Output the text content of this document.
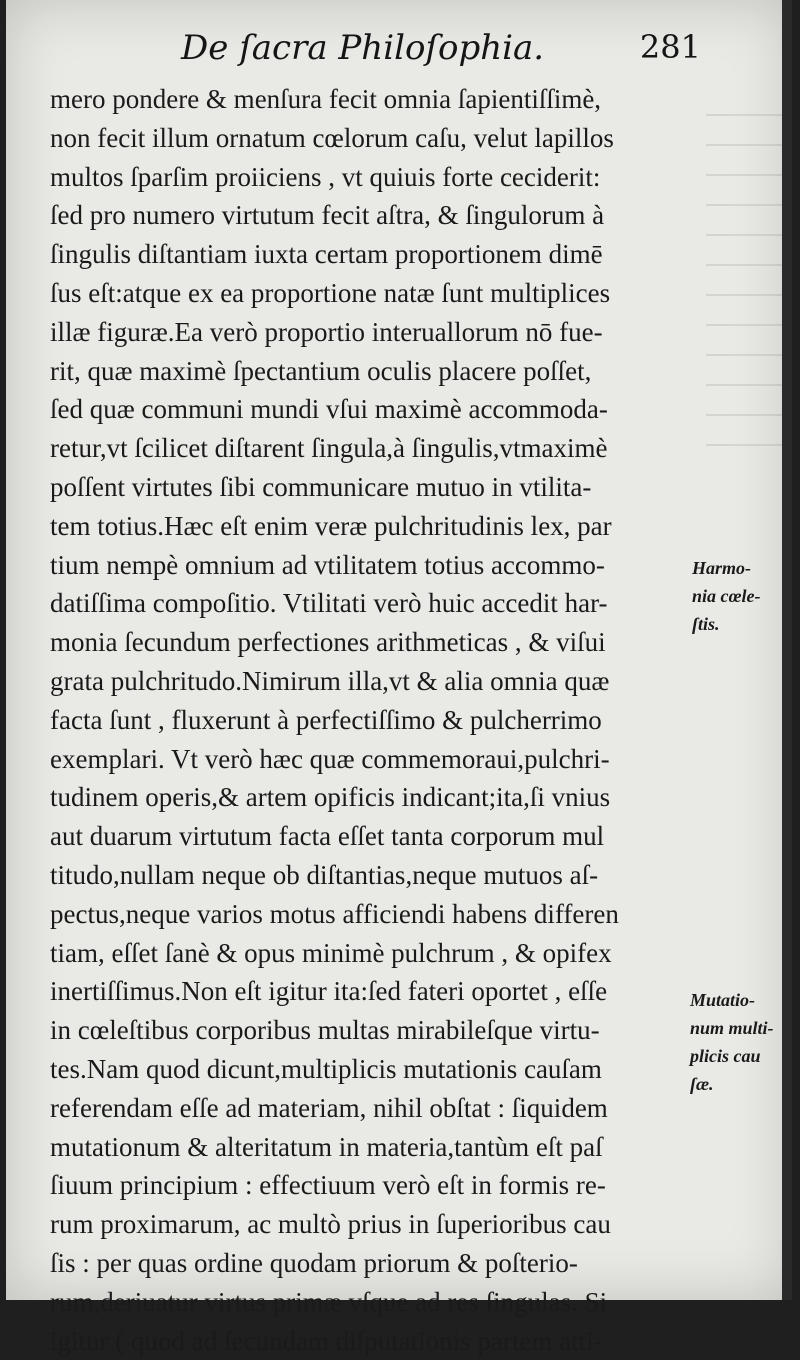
De ſacra Philoſophia.	281
mero pondere & menſura fecit omnia ſapientiſſimè,
non fecit illum ornatum cœlorum caſu, velut lapillos
multos ſparſim proiiciens , vt quiuis forte ceciderit:
ſed pro numero virtutum fecit aſtra, & ſingulorum à
ſingulis diſtantiam iuxta certam proportionem dimē
ſus eſt:atque ex ea proportione natæ ſunt multiplices
illæ figuræ.Ea verò proportio interuallorum nō fue-
rit, quæ maximè ſpectantium oculis placere poſſet,
ſed quæ communi mundi vſui maximè accommoda-
retur,vt ſcilicet diſtarent ſingula,à ſingulis,vtmaximè
poſſent virtutes ſibi communicare mutuo in vtilita-
tem totius.Hæc eſt enim veræ pulchritudinis lex, par
tium nempè omnium ad vtilitatem totius accommo-
datiſſima compoſitio. Vtilitati verò huic accedit har-
monia ſecundum perfectiones arithmeticas , & viſui
grata pulchritudo.Nimirum illa,vt & alia omnia quæ
facta ſunt , fluxerunt à perfectiſſimo & pulcherrimo
exemplari. Vt verò hæc quæ commemoraui,pulchri-
tudinem operis,& artem opificis indicant;ita,ſi vnius
aut duarum virtutum facta eſſet tanta corporum mul
titudo,nullam neque ob diſtantias,neque mutuos aſ-
pectus,neque varios motus afficiendi habens differen
tiam, eſſet ſanè & opus minimè pulchrum , & opifex
inertiſſimus.Non eſt igitur ita:ſed fateri oportet , eſſe
in cœleſtibus corporibus multas mirabileſque virtu-
tes.Nam quod dicunt,multiplicis mutationis cauſam
referendam eſſe ad materiam, nihil obſtat : ſiquidem
mutationum & alteritatum in materia,tantùm eſt paſ
ſiuum principium : effectiuum verò eſt in formis re-
rum proximarum, ac multò prius in ſuperioribus cau
ſis : per quas ordine quodam priorum & poſterio-
rum,deriuatur virtus primæ vſque ad res ſingulas. Si
igitur ( quod ad ſecundam diſputationis partem atti-
Harmo-
nia cœle-
ſtis.
Mutatio-
num multi-
plicis cau
ſæ.
